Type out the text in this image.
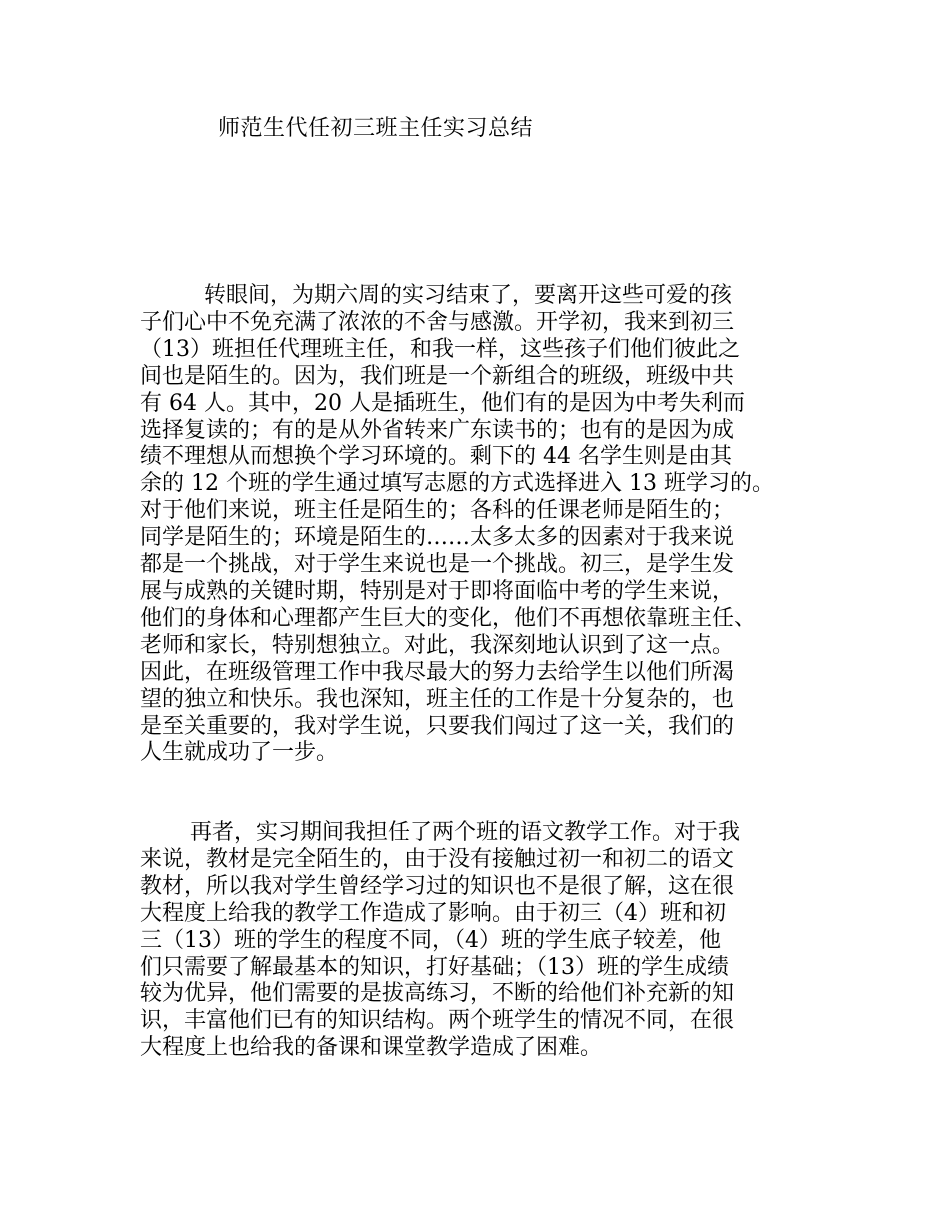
师范生代任初三班主任实习总结
转眼间，为期六周的实习结束了，要离开这些可爱的孩
子们心中不免充满了浓浓的不舍与感激。开学初，我来到初三
（13）班担任代理班主任，和我一样，这些孩子们他们彼此之
间也是陌生的。因为，我们班是一个新组合的班级，班级中共
有 64 人。其中，20 人是插班生，他们有的是因为中考失利而
选择复读的；有的是从外省转来广东读书的；也有的是因为成
绩不理想从而想换个学习环境的。剩下的 44 名学生则是由其
余的 12 个班的学生通过填写志愿的方式选择进入 13 班学习的。
对于他们来说，班主任是陌生的；各科的任课老师是陌生的；
同学是陌生的；环境是陌生的……太多太多的因素对于我来说
都是一个挑战，对于学生来说也是一个挑战。初三，是学生发
展与成熟的关键时期，特别是对于即将面临中考的学生来说，
他们的身体和心理都产生巨大的变化，他们不再想依靠班主任、
老师和家长，特别想独立。对此，我深刻地认识到了这一点。
因此，在班级管理工作中我尽最大的努力去给学生以他们所渴
望的独立和快乐。我也深知，班主任的工作是十分复杂的，也
是至关重要的，我对学生说，只要我们闯过了这一关，我们的
人生就成功了一步。
再者，实习期间我担任了两个班的语文教学工作。对于我
来说，教材是完全陌生的，由于没有接触过初一和初二的语文
教材，所以我对学生曾经学习过的知识也不是很了解，这在很
大程度上给我的教学工作造成了影响。由于初三（4）班和初
三（13）班的学生的程度不同，（4）班的学生底子较差，他
们只需要了解最基本的知识，打好基础；（13）班的学生成绩
较为优异，他们需要的是拔高练习，不断的给他们补充新的知
识，丰富他们已有的知识结构。两个班学生的情况不同，在很
大程度上也给我的备课和课堂教学造成了困难。
